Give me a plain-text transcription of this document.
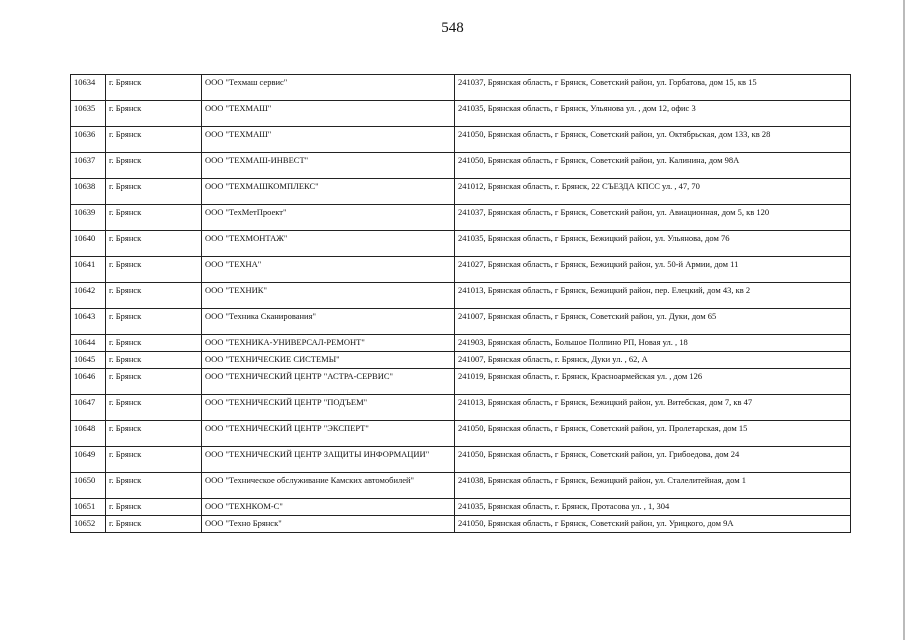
548
10634	г. Брянск	ООО "Техмаш сервис"	241037, Брянская область, г Брянск, Советский район, ул. Горбатова, дом 15, кв 15
10635	г. Брянск	ООО "ТЕХМАШ"	241035, Брянская область, г Брянск, Ульянова ул. , дом 12, офис 3
10636	г. Брянск	ООО "ТЕХМАШ"	241050, Брянская область, г Брянск, Советский район, ул. Октябрьская, дом 133, кв 28
10637	г. Брянск	ООО "ТЕХМАШ-ИНВЕСТ"	241050, Брянская область, г Брянск, Советский район, ул. Калинина, дом 98А
10638	г. Брянск	ООО "ТЕХМАШКОМПЛЕКС"	241012, Брянская область, г. Брянск, 22 СЪЕЗДА КПСС ул. , 47, 70
10639	г. Брянск	ООО "ТехМетПроект"	241037, Брянская область, г Брянск, Советский район, ул. Авиационная, дом 5, кв 120
10640	г. Брянск	ООО "ТЕХМОНТАЖ"	241035, Брянская область, г Брянск, Бежицкий район, ул. Ульянова, дом 76
10641	г. Брянск	ООО "ТЕХНА"	241027, Брянская область, г Брянск, Бежицкий район, ул. 50-й Армии, дом 11
10642	г. Брянск	ООО "ТЕХНИК"	241013, Брянская область, г Брянск, Бежицкий район, пер. Елецкий, дом 43, кв 2
10643	г. Брянск	ООО "Техника Сканирования"	241007, Брянская область, г Брянск, Советский район, ул. Дуки, дом 65
10644	г. Брянск	ООО "ТЕХНИКА-УНИВЕРСАЛ-РЕМОНТ"	241903, Брянская область, Большое Полпино РП, Новая ул. , 18
10645	г. Брянск	ООО "ТЕХНИЧЕСКИЕ СИСТЕМЫ"	241007, Брянская область, г. Брянск, Дуки ул. , 62, А
10646	г. Брянск	ООО "ТЕХНИЧЕСКИЙ ЦЕНТР "АСТРА-СЕРВИС"	241019, Брянская область, г. Брянск, Красноармейская ул. , дом 126
10647	г. Брянск	ООО "ТЕХНИЧЕСКИЙ ЦЕНТР "ПОДЪЕМ"	241013, Брянская область, г Брянск, Бежицкий район, ул. Витебская, дом 7, кв 47
10648	г. Брянск	ООО "ТЕХНИЧЕСКИЙ ЦЕНТР "ЭКСПЕРТ"	241050, Брянская область, г Брянск, Советский район, ул. Пролетарская, дом 15
10649	г. Брянск	ООО "ТЕХНИЧЕСКИЙ ЦЕНТР ЗАЩИТЫ ИНФОРМАЦИИ"	241050, Брянская область, г Брянск, Советский район, ул. Грибоедова, дом 24
10650	г. Брянск	ООО "Техническое обслуживание Камских автомобилей"	241038, Брянская область, г Брянск, Бежицкий район, ул. Сталелитейная, дом 1
10651	г. Брянск	ООО "ТЕХНКОМ-С"	241035, Брянская область, г. Брянск, Протасова ул. , 1, 304
10652	г. Брянск	ООО "Техно Брянск"	241050, Брянская область, г Брянск, Советский район, ул. Урицкого, дом 9А
